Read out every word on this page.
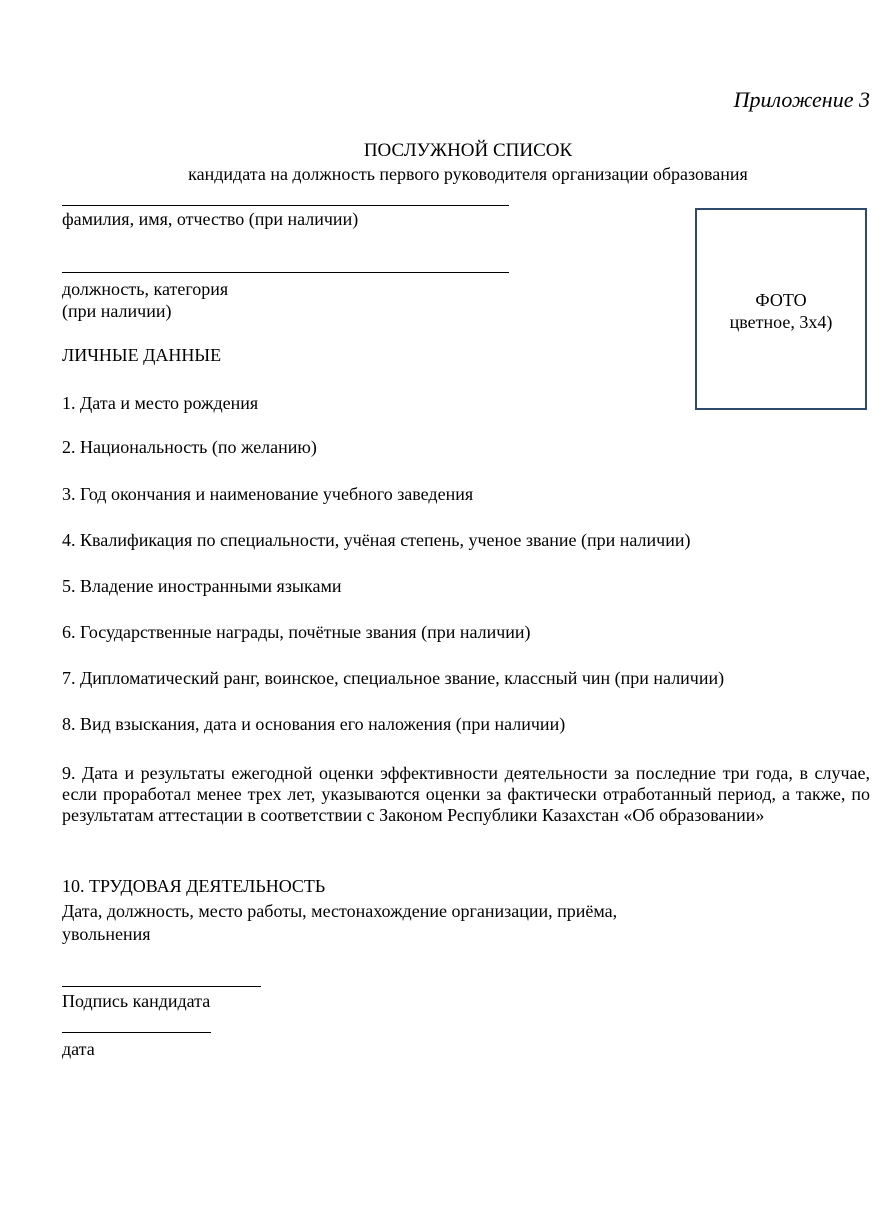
Приложение 3
ПОСЛУЖНОЙ СПИСОК
кандидата на должность первого руководителя организации образования
фамилия, имя, отчество (при наличии)
должность, категория
(при наличии)
ФОТО
цветное, 3х4)
ЛИЧНЫЕ ДАННЫЕ
1. Дата и место рождения
2. Национальность (по желанию)
3. Год окончания и наименование учебного заведения
4. Квалификация по специальности, учёная степень, ученое звание (при наличии)
5. Владение иностранными языками
6. Государственные награды, почётные звания (при наличии)
7. Дипломатический ранг, воинское, специальное звание, классный чин (при наличии)
8. Вид взыскания, дата и основания его наложения (при наличии)
9. Дата и результаты ежегодной оценки эффективности деятельности за последние три года, в случае, если проработал менее трех лет, указываются оценки за фактически отработанный период, а также, по результатам аттестации в соответствии с Законом Республики Казахстан «Об образовании»
10. ТРУДОВАЯ ДЕЯТЕЛЬНОСТЬ
Дата, должность, место работы, местонахождение организации, приёма,
увольнения
Подпись кандидата
дата
